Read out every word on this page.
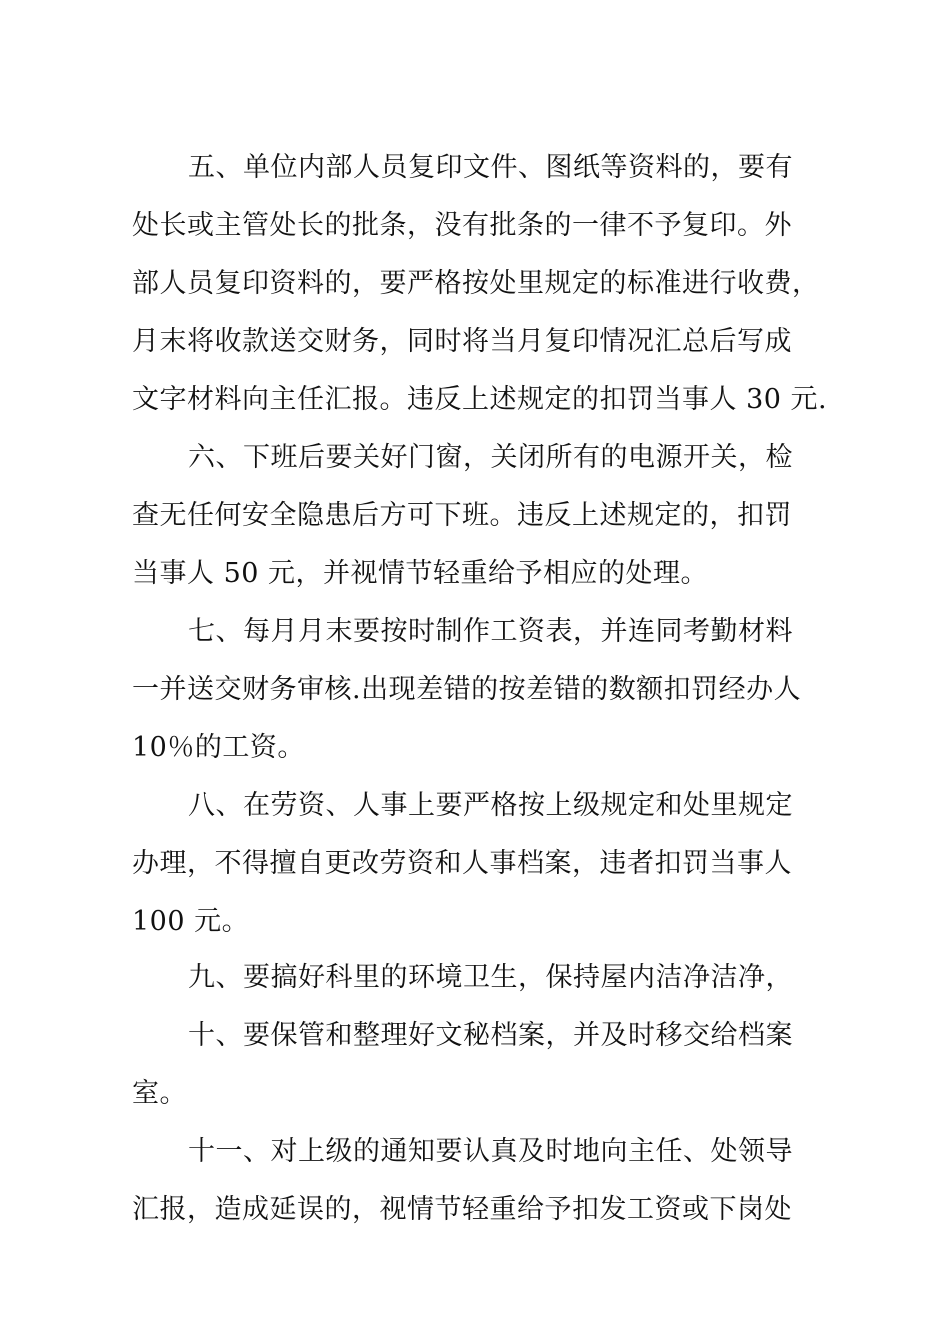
五、单位内部人员复印文件、图纸等资料的，要有
处长或主管处长的批条，没有批条的一律不予复印。外
部人员复印资料的，要严格按处里规定的标准进行收费，
月末将收款送交财务，同时将当月复印情况汇总后写成
文字材料向主任汇报。违反上述规定的扣罚当事人 30 元.
六、下班后要关好门窗，关闭所有的电源开关，检
查无任何安全隐患后方可下班。违反上述规定的，扣罚
当事人 50 元，并视情节轻重给予相应的处理。
七、每月月末要按时制作工资表，并连同考勤材料
一并送交财务审核.出现差错的按差错的数额扣罚经办人
10％的工资。
八、在劳资、人事上要严格按上级规定和处里规定
办理，不得擅自更改劳资和人事档案，违者扣罚当事人
100 元。
九、要搞好科里的环境卫生，保持屋内洁净洁净，
十、要保管和整理好文秘档案，并及时移交给档案
室。
十一、对上级的通知要认真及时地向主任、处领导
汇报，造成延误的，视情节轻重给予扣发工资或下岗处
